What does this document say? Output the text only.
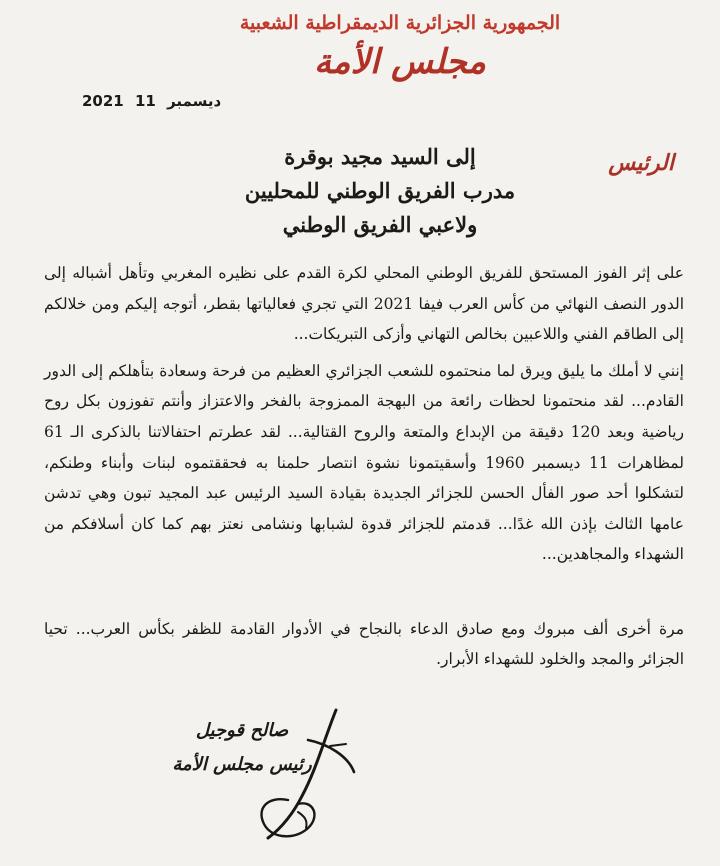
الجمهورية الجزائرية الديمقراطية الشعبية
مجلس الأمة
2021	ديسمبر 11
الرئيس
إلى السيد مجيد بوقرة
مدرب الفريق الوطني للمحليين
ولاعبي الفريق الوطني

على إثر الفوز المستحق للفريق الوطني المحلي لكرة القدم على نظيره المغربي وتأهل أشباله إلى الدور النصف النهائي من كأس العرب فيفا 2021 التي تجري فعالياتها بقطر، أتوجه إليكم ومن خلالكم إلى الطاقم الفني واللاعبين بخالص التهاني وأزكى التبريكات...

إنني لا أملك ما يليق ويرق لما منحتموه للشعب الجزائري العظيم من فرحة وسعادة بتأهلكم إلى الدور القادم... لقد منحتمونا لحظات رائعة من البهجة الممزوجة بالفخر والاعتزاز وأنتم تفوزون بكل روح رياضية وبعد 120 دقيقة من الإبداع والمتعة والروح القتالية... لقد عطرتم احتفالاتنا بالذكرى الـ 61 لمظاهرات 11 ديسمبر 1960 وأسقيتمونا نشوة انتصار حلمنا به فحققتموه لبنات وأبناء وطنكم، لتشكلوا أحد صور الفأل الحسن للجزائر الجديدة بقيادة السيد الرئيس عبد المجيد تبون وهي تدشن عامها الثالث بإذن الله غدًا... قدمتم للجزائر قدوة لشبابها ونشامى نعتز بهم كما كان أسلافكم من الشهداء والمجاهدين...

مرة أخرى ألف مبروك ومع صادق الدعاء بالنجاح في الأدوار القادمة للظفر بكأس العرب... تحيا الجزائر والمجد والخلود للشهداء الأبرار.
صالح قوجيل
رئيس مجلس الأمة
